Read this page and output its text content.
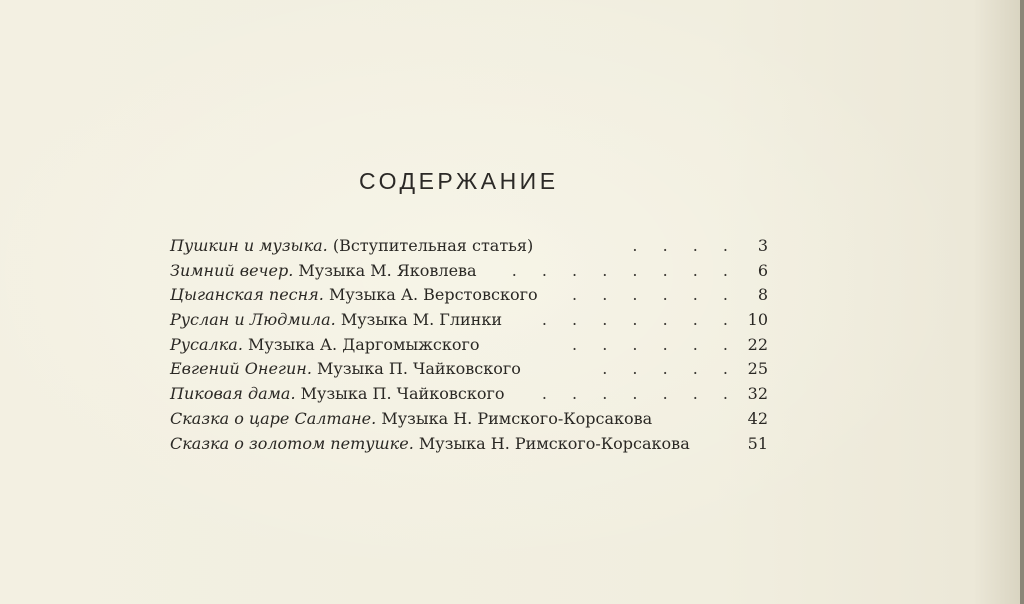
СОДЕРЖАНИЕ
Пушкин и музыка. (Вступительная статья)	. . . .	3
Зимний вечер. Музыка М. Яковлева	. . . . . . . .	6
Цыганская песня. Музыка А. Верстовского	. . . . . .	8
Руслан и Людмила. Музыка М. Глинки	. . . . . . . 10
Русалка. Музыка А. Даргомыжского	. . . . . . 22
Евгений Онегин. Музыка П. Чайковского	. . . . . 25
Пиковая дама. Музыка П. Чайковского	. . . . . . . 32
Сказка о царе Салтане. Музыка Н. Римского-Корсакова	42
Сказка о золотом петушке. Музыка Н. Римского-Корсакова	51
